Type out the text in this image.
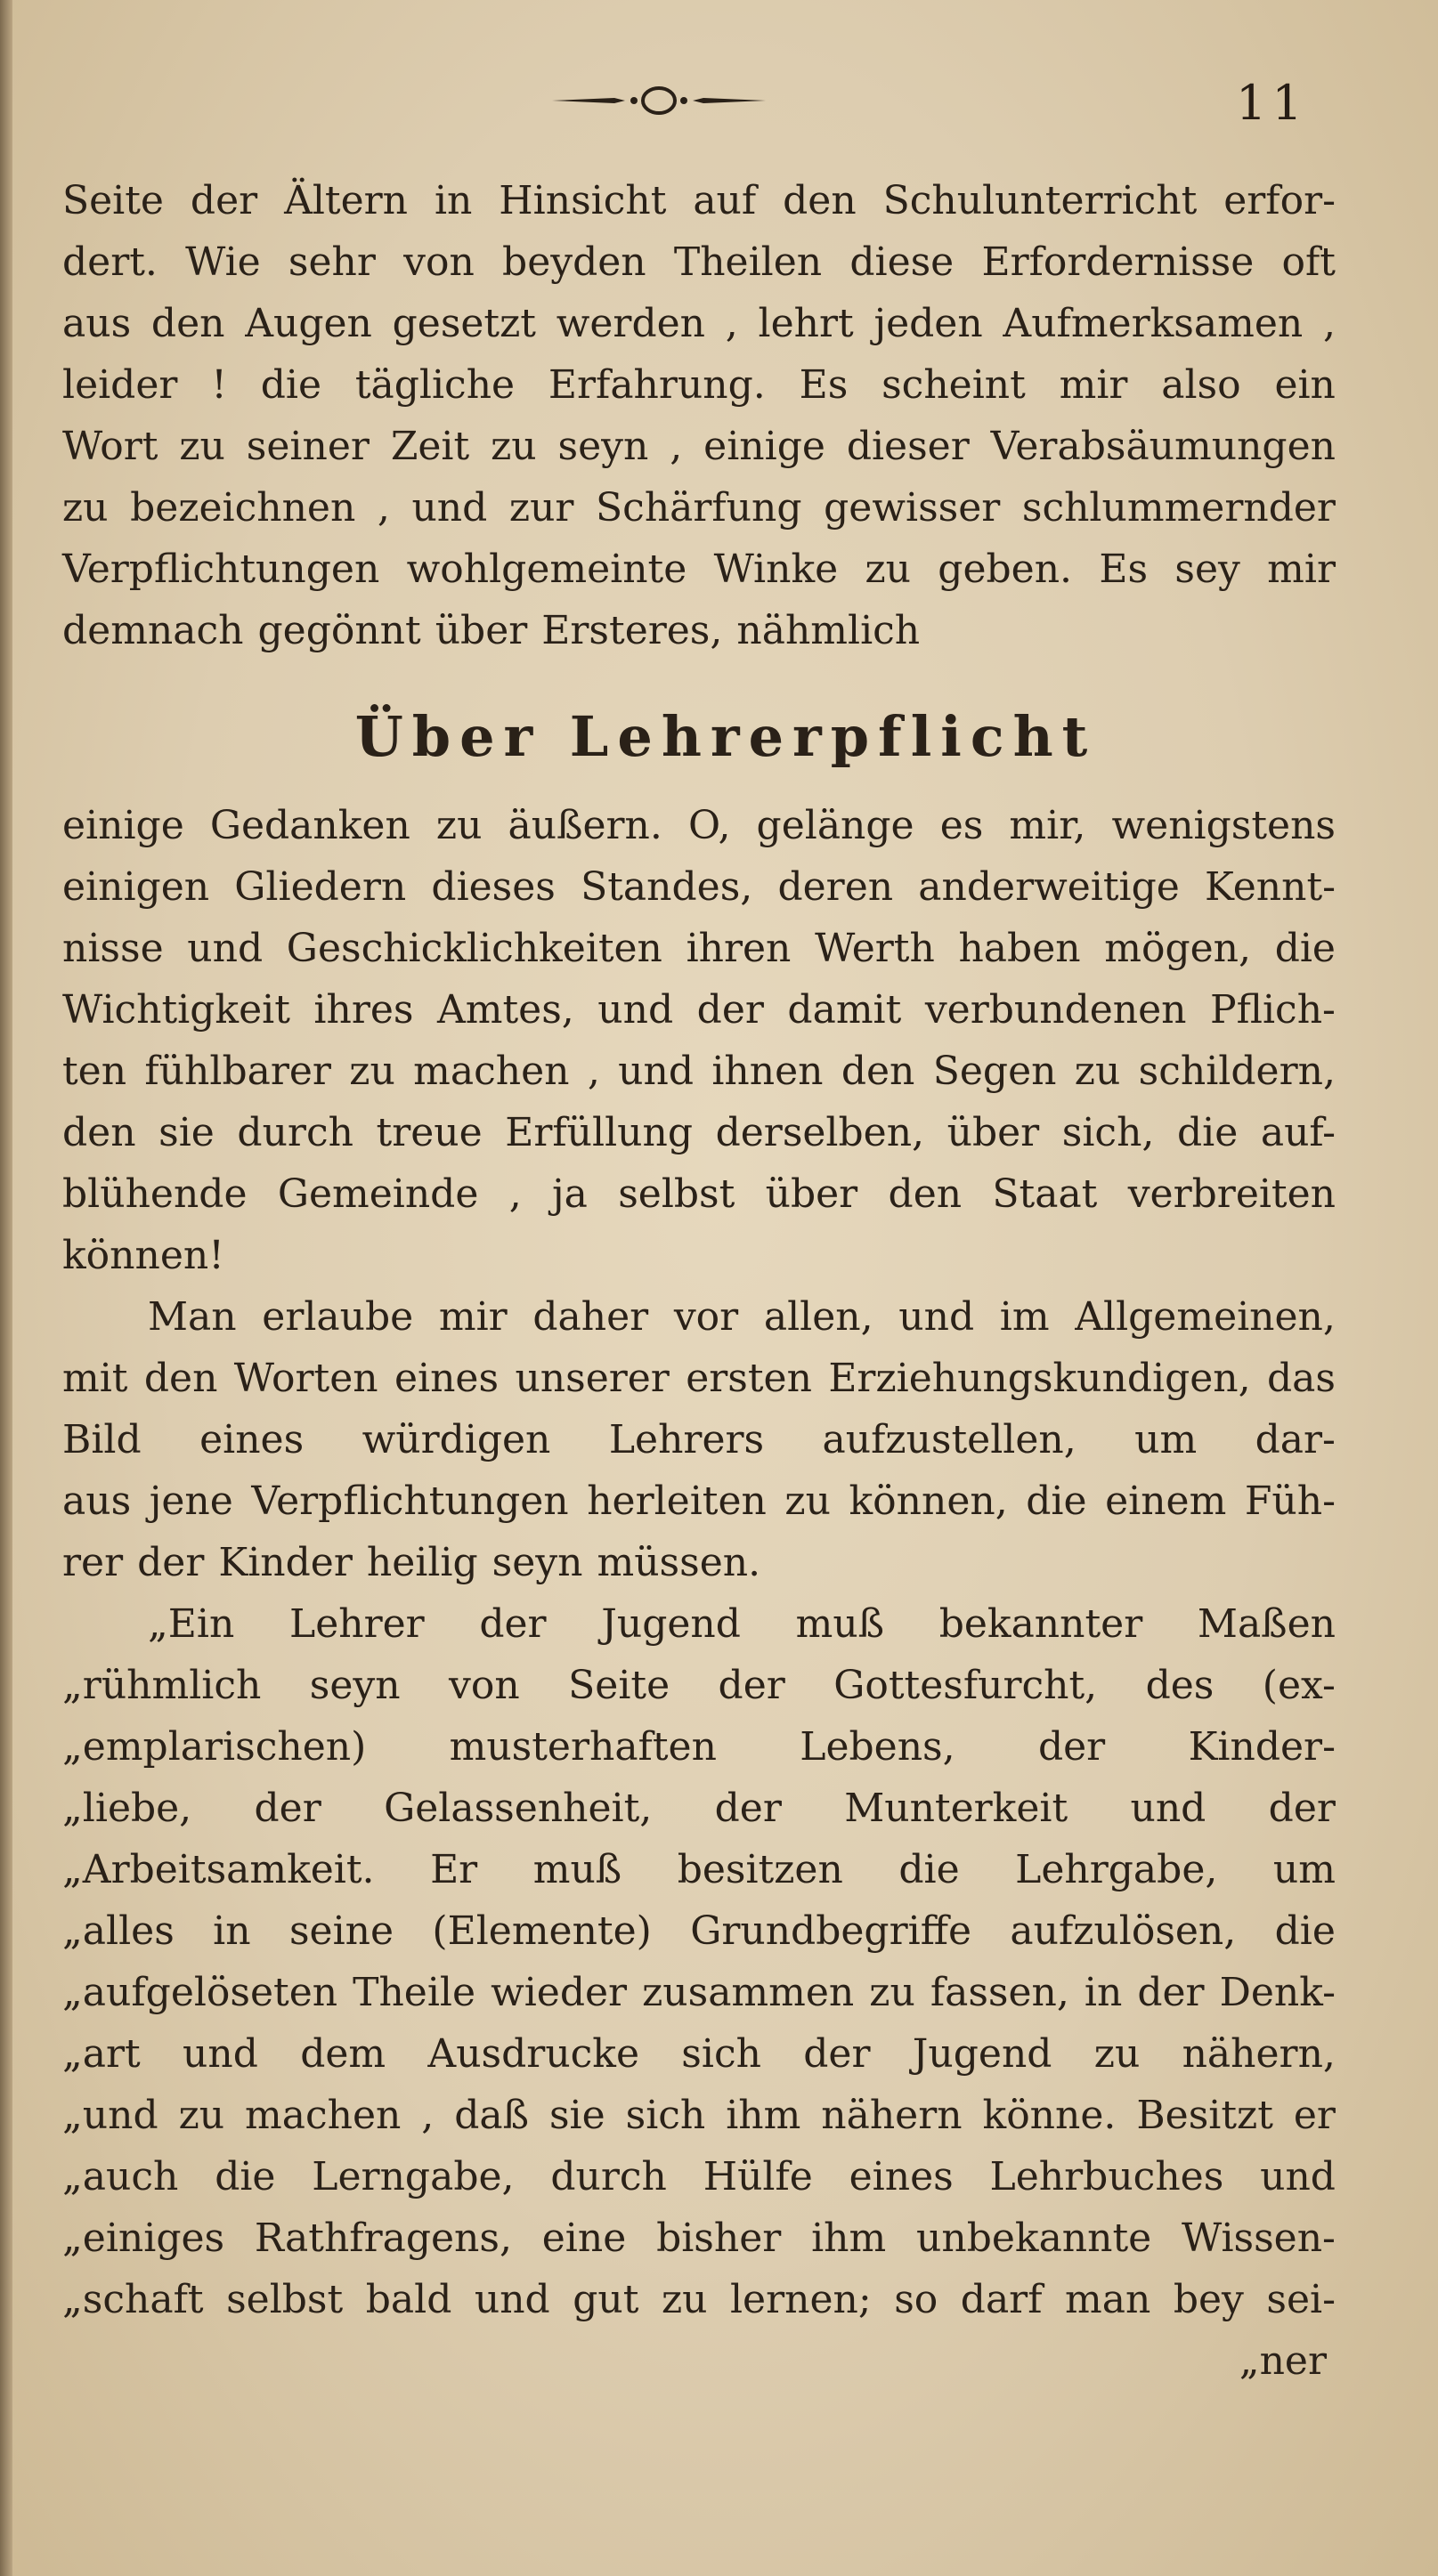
11
Seite der Ältern in Hinsicht auf den Schulunterricht erfor-
dert. Wie sehr von beyden Theilen diese Erfordernisse oft
aus den Augen gesetzt werden , lehrt jeden Aufmerksamen ,
leider ! die tägliche Erfahrung. Es scheint mir also ein
Wort zu seiner Zeit zu seyn , einige dieser Verabsäumungen
zu bezeichnen , und zur Schärfung gewisser schlummernder
Verpflichtungen wohlgemeinte Winke zu geben. Es sey mir
demnach gegönnt über Ersteres, nähmlich
Über Lehrerpflicht
einige Gedanken zu äußern. O, gelänge es mir, wenigstens
einigen Gliedern dieses Standes, deren anderweitige Kennt-
nisse und Geschicklichkeiten ihren Werth haben mögen, die
Wichtigkeit ihres Amtes, und der damit verbundenen Pflich-
ten fühlbarer zu machen , und ihnen den Segen zu schildern,
den sie durch treue Erfüllung derselben, über sich, die auf-
blühende Gemeinde , ja selbst über den Staat verbreiten
können!
Man erlaube mir daher vor allen, und im Allgemeinen,
mit den Worten eines unserer ersten Erziehungskundigen, das
Bild eines würdigen Lehrers aufzustellen, um dar-
aus jene Verpflichtungen herleiten zu können, die einem Füh-
rer der Kinder heilig seyn müssen.
„Ein Lehrer der Jugend muß bekannter Maßen
„rühmlich seyn von Seite der Gottesfurcht, des (ex-
„emplarischen) musterhaften Lebens, der Kinder-
„liebe, der Gelassenheit, der Munterkeit und der
„Arbeitsamkeit. Er muß besitzen die Lehrgabe, um
„alles in seine (Elemente) Grundbegriffe aufzulösen, die
„aufgelöseten Theile wieder zusammen zu fassen, in der Denk-
„art und dem Ausdrucke sich der Jugend zu nähern,
„und zu machen , daß sie sich ihm nähern könne. Besitzt er
„auch die Lerngabe, durch Hülfe eines Lehrbuches und
„einiges Rathfragens, eine bisher ihm unbekannte Wissen-
„schaft selbst bald und gut zu lernen; so darf man bey sei-
„ner
